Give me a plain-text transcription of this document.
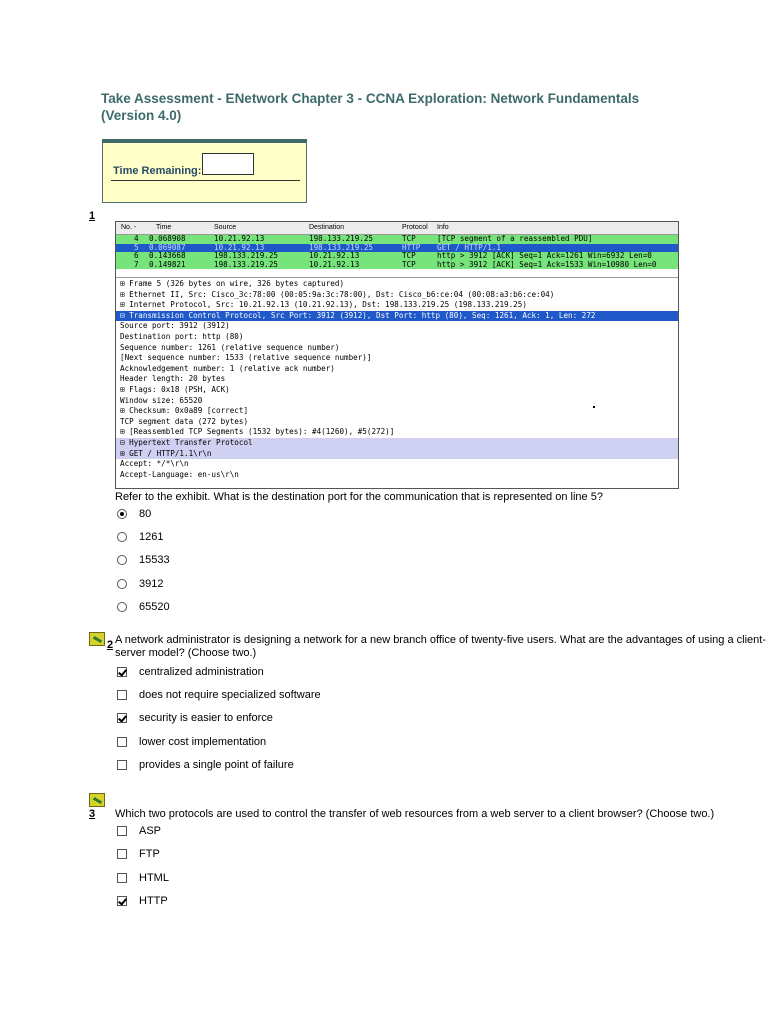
Take Assessment - ENetwork Chapter 3 - CCNA Exploration: Network Fundamentals (Version 4.0)
Time Remaining:
1
No. -	Time	Source	Destination	Protocol Info
4 0.068908	10.21.92.13	198.133.219.25	TCP	[TCP segment of a reassembled PDU]
5 0.069087	10.21.92.13	198.133.219.25	HTTP GET / HTTP/1.1
6 0.143668	198.133.219.25	10.21.92.13	TCP	http > 3912 [ACK] Seq=1 Ack=1261 Win=6932 Len=0
7 0.149821	198.133.219.25	10.21.92.13	TCP	http > 3912 [ACK] Seq=1 Ack=1533 Win=10980 Len=0
⊞ Frame 5 (326 bytes on wire, 326 bytes captured)
⊞ Ethernet II, Src: Cisco_3c:78:00 (00:05:9a:3c:78:00), Dst: Cisco_b6:ce:04 (00:08:a3:b6:ce:04)
⊞ Internet Protocol, Src: 10.21.92.13 (10.21.92.13), Dst: 198.133.219.25 (198.133.219.25)
⊟ Transmission Control Protocol, Src Port: 3912 (3912), Dst Port: http (80), Seq: 1261, Ack: 1, Len: 272
Source port: 3912 (3912)
Destination port: http (80)
Sequence number: 1261 (relative sequence number)
[Next sequence number: 1533 (relative sequence number)]
Acknowledgement number: 1 (relative ack number)
Header length: 20 bytes
⊞ Flags: 0x18 (PSH, ACK)
Window size: 65520
⊞ Checksum: 0x0a89 [correct]
TCP segment data (272 bytes)
⊞ [Reassembled TCP Segments (1532 bytes): #4(1260), #5(272)]
⊟ Hypertext Transfer Protocol
⊞ GET / HTTP/1.1\r\n
Accept: */*\r\n
Accept-Language: en-us\r\n
Refer to the exhibit. What is the destination port for the communication that is represented on line 5?
80
1261
15533
3912
65520
2 A network administrator is designing a network for a new branch office of twenty-five users. What are the advantages of using a client-
server model? (Choose two.)
centralized administration
does not require specialized software
security is easier to enforce
lower cost implementation
provides a single point of failure
3 Which two protocols are used to control the transfer of web resources from a web server to a client browser? (Choose two.)
ASP
FTP
HTML
HTTP
